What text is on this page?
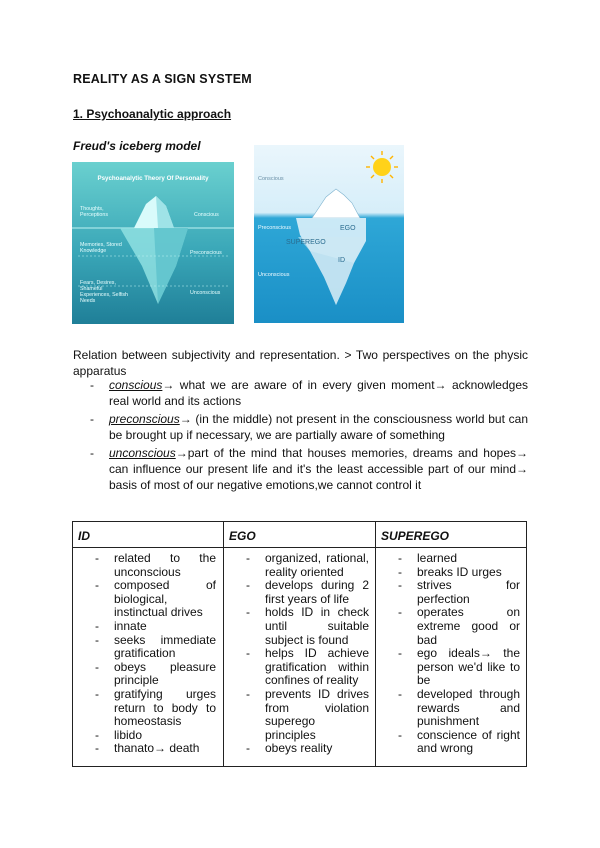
REALITY AS A SIGN SYSTEM
1. Psychoanalytic approach
Freud's iceberg model
Psychoanalytic Theory Of Personality
Thoughts, Perceptions	Conscious
Memories, Stored Knowledge	Preconscious
Fears, Desires, Shameful Experiences, Selfish Needs
Unconscious
Conscious
Preconscious
Unconscious
EGO
SUPEREGO
ID
Relation between subjectivity and representation. > Two perspectives on the physic apparatus
- conscious→ what we are aware of in every given moment→ acknowledges real world and its actions
- preconscious→ (in the middle) not present in the consciousness world but can be brought up if necessary, we are partially aware of something
- unconscious→part of the mind that houses memories, dreams and hopes→ can influence our present life and it's the least accessible part of our mind→ basis of most of our negative emotions,we cannot control it
ID
- related to the unconscious
- composed of biological, instinctual drives
- innate
- seeks immediate gratification
- obeys pleasure principle
- gratifying urges return to body to homeostasis
- libido
- thanato→ death
EGO
- organized, rational, reality oriented
- develops during 2 first years of life
- holds ID in check until suitable subject is found
- helps ID achieve gratification within confines of reality
- prevents ID drives from violation superego principles
- obeys reality
SUPEREGO
- learned
- breaks ID urges
- strives for perfection
- operates on extreme good or bad
- ego ideals→ the person we'd like to be
- developed through rewards and punishment
- conscience of right and wrong
